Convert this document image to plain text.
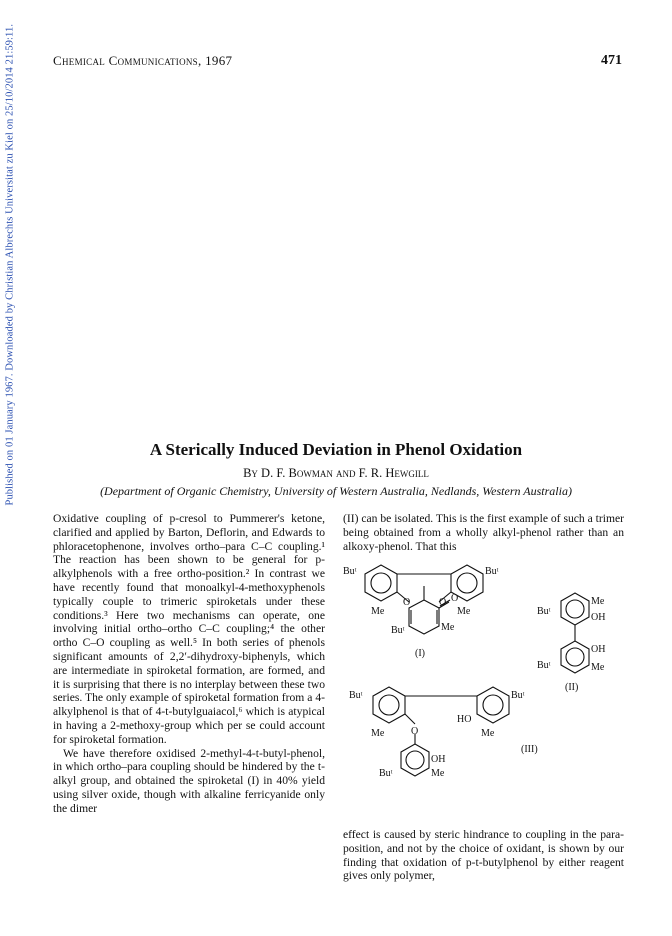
Published on 01 January 1967. Downloaded by Christian Albrechts Universitat zu Kiel on 25/10/2014 21:59:11.	Chemical Communications, 1967	471
A Sterically Induced Deviation in Phenol Oxidation
By D. F. Bowman and F. R. Hewgill
(Department of Organic Chemistry, University of Western Australia, Nedlands, Western Australia)

Oxidative coupling of p-cresol to Pummerer's ketone, clarified and applied by Barton, Deflorin, and Edwards to phloracetophenone, involves ortho–para C–C coupling.¹ The reaction has been shown to be general for p-alkylphenols with a free ortho-position.² In contrast we have recently found that monoalkyl-4-methoxyphenols typically couple to trimeric spiroketals under these conditions.³ Here two mechanisms can operate, one involving initial ortho–ortho C–C coupling;⁴ the other ortho C–O coupling as well.⁵ In both series of phenols significant amounts of 2,2′-dihydroxy-biphenyls, which are intermediate in spiroketal formation, are formed, and it is surprising that there is no interplay between these two series. The only example of spiroketal formation from a 4-alkylphenol is that of 4-t-butylguaiacol,⁶ which is atypical in having a 2-methoxy-group which per se could account for spiroketal formation.

We have therefore oxidised 2-methyl-4-t-butyl-phenol, in which ortho–para coupling should be hindered by the t-alkyl group, and obtained the spiroketal (I) in 40% yield using silver oxide, though with alkaline ferricyanide only the dimer

(II) can be isolated. This is the first example of such a trimer being obtained from a wholly alkyl-phenol rather than an alkoxy-phenol. That this

Buᵗ	Buᵗ
Me	Me
O	O O
Buᵗ	Me
(I)
Buᵗ
Me
OH
OH
Buᵗ	Me
(II)
Buᵗ	Buᵗ
Me	O
HO
Me
OH
Buᵗ	Me
(III)

effect is caused by steric hindrance to coupling in the para-position, and not by the choice of oxidant, is shown by our finding that oxidation of p-t-butylphenol by either reagent gives only polymer,
